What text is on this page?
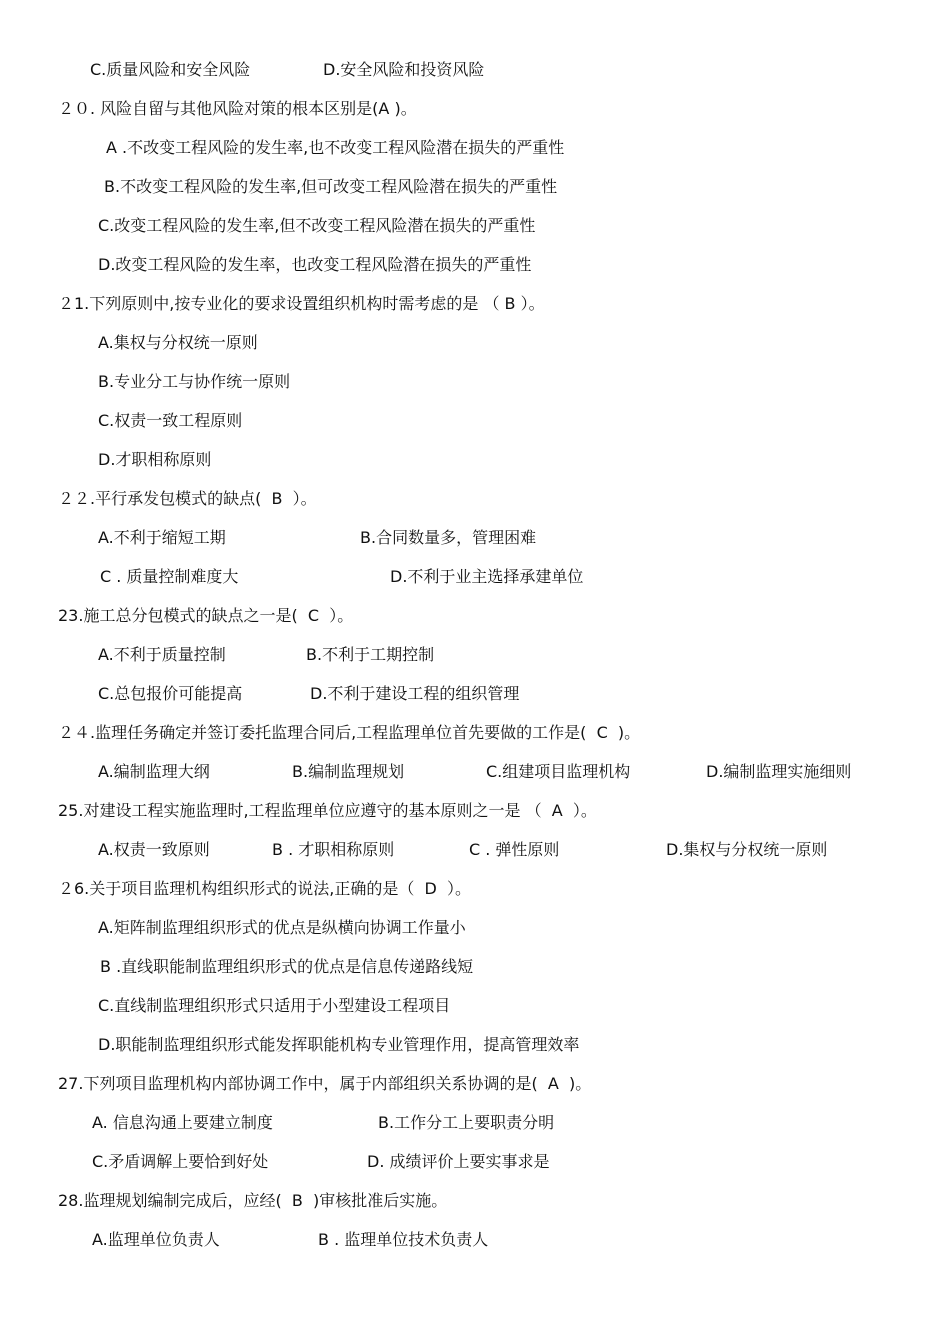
C.质量风险和安全风险	D.安全风险和投资风险
２０. 风险自留与其他风险对策的根本区别是(A )。
A .不改变工程风险的发生率,也不改变工程风险潜在损失的严重性
B.不改变工程风险的发生率,但可改变工程风险潜在损失的严重性
C.改变工程风险的发生率,但不改变工程风险潜在损失的严重性
D.改变工程风险的发生率，也改变工程风险潜在损失的严重性
２1.下列原则中,按专业化的要求设置组织机构时需考虑的是 （ B ）。
A.集权与分权统一原则
B.专业分工与协作统一原则
C.权责一致工程原则
D.才职相称原则
２２.平行承发包模式的缺点(  B  ）。
A.不利于缩短工期	B.合同数量多，管理困难
C . 质量控制难度大	D.不利于业主选择承建单位
23.施工总分包模式的缺点之一是(  C  ）。
A.不利于质量控制	B.不利于工期控制
C.总包报价可能提高	D.不利于建设工程的组织管理
２４.监理任务确定并签订委托监理合同后,工程监理单位首先要做的工作是(  C  )。
A.编制监理大纲	B.编制监理规划	C.组建项目监理机构	D.编制监理实施细则
25.对建设工程实施监理时,工程监理单位应遵守的基本原则之一是 （  A  ）。
A.权责一致原则	B . 才职相称原则	C . 弹性原则	D.集权与分权统一原则
２6.关于项目监理机构组织形式的说法,正确的是（  D  ）。
A.矩阵制监理组织形式的优点是纵横向协调工作量小
B .直线职能制监理组织形式的优点是信息传递路线短
C.直线制监理组织形式只适用于小型建设工程项目
D.职能制监理组织形式能发挥职能机构专业管理作用，提高管理效率
27.下列项目监理机构内部协调工作中，属于内部组织关系协调的是(  A  )。
A. 信息沟通上要建立制度	B.工作分工上要职责分明
C.矛盾调解上要恰到好处	D. 成绩评价上要实事求是
28.监理规划编制完成后，应经(  B  )审核批准后实施。
A.监理单位负责人	B . 监理单位技术负责人
